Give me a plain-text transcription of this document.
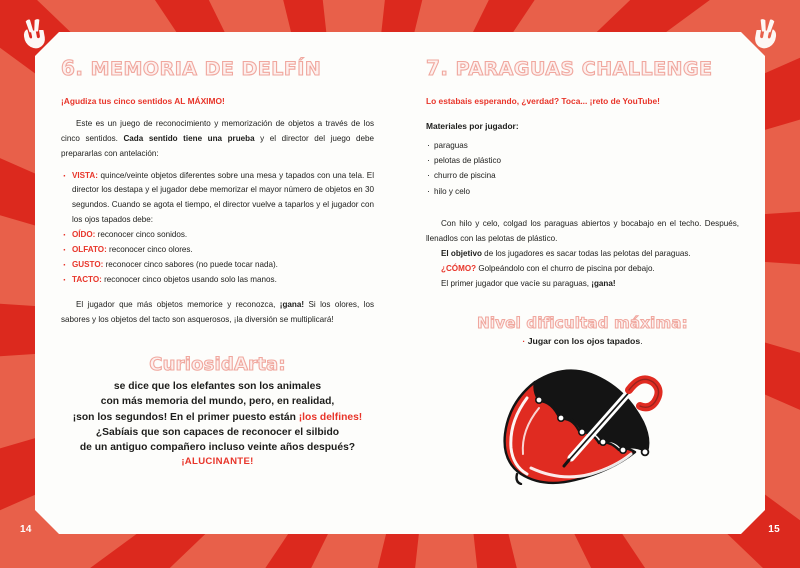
14	15
6. MEMORIA DE DELFÍN
¡Agudiza tus cinco sentidos AL MÁXIMO!

Este es un juego de reconocimiento y memorización de objetos a través de los cinco sentidos. Cada sentido tiene una prueba y el director del juego debe prepararlas con antelación:

· VISTA: quince/veinte objetos diferentes sobre una mesa y tapados con una tela. El director los destapa y el jugador debe memorizar el mayor número de objetos en 30 segundos. Cuando se agota el tiempo, el director vuelve a taparlos y el jugador con los ojos tapados debe:
· OÍDO: reconocer cinco sonidos.
· OLFATO: reconocer cinco olores.
· GUSTO: reconocer cinco sabores (no puede tocar nada).
· TACTO: reconocer cinco objetos usando solo las manos.

El jugador que más objetos memorice y reconozca, ¡gana! Si los olores, los sabores y los objetos del tacto son asquerosos, ¡la diversión se multiplicará!

CuriosidArta:
se dice que los elefantes son los animales
con más memoria del mundo, pero, en realidad,
¡son los segundos! En el primer puesto están ¡los delfines!
¿Sabíais que son capaces de reconocer el silbido
de un antiguo compañero incluso veinte años después?
¡ALUCINANTE!
7. PARAGUAS CHALLENGE
Lo estabais esperando, ¿verdad? Toca... ¡reto de YouTube!
Materiales por jugador:
· paraguas
· pelotas de plástico
· churro de piscina
· hilo y celo

Con hilo y celo, colgad los paraguas abiertos y bocabajo en el techo. Después, llenadlos con las pelotas de plástico.

El objetivo de los jugadores es sacar todas las pelotas del paraguas.

¿CÓMO? Golpeándolo con el churro de piscina por debajo.

El primer jugador que vacíe su paraguas, ¡gana!

Nivel dificultad máxima:
· Jugar con los ojos tapados.
